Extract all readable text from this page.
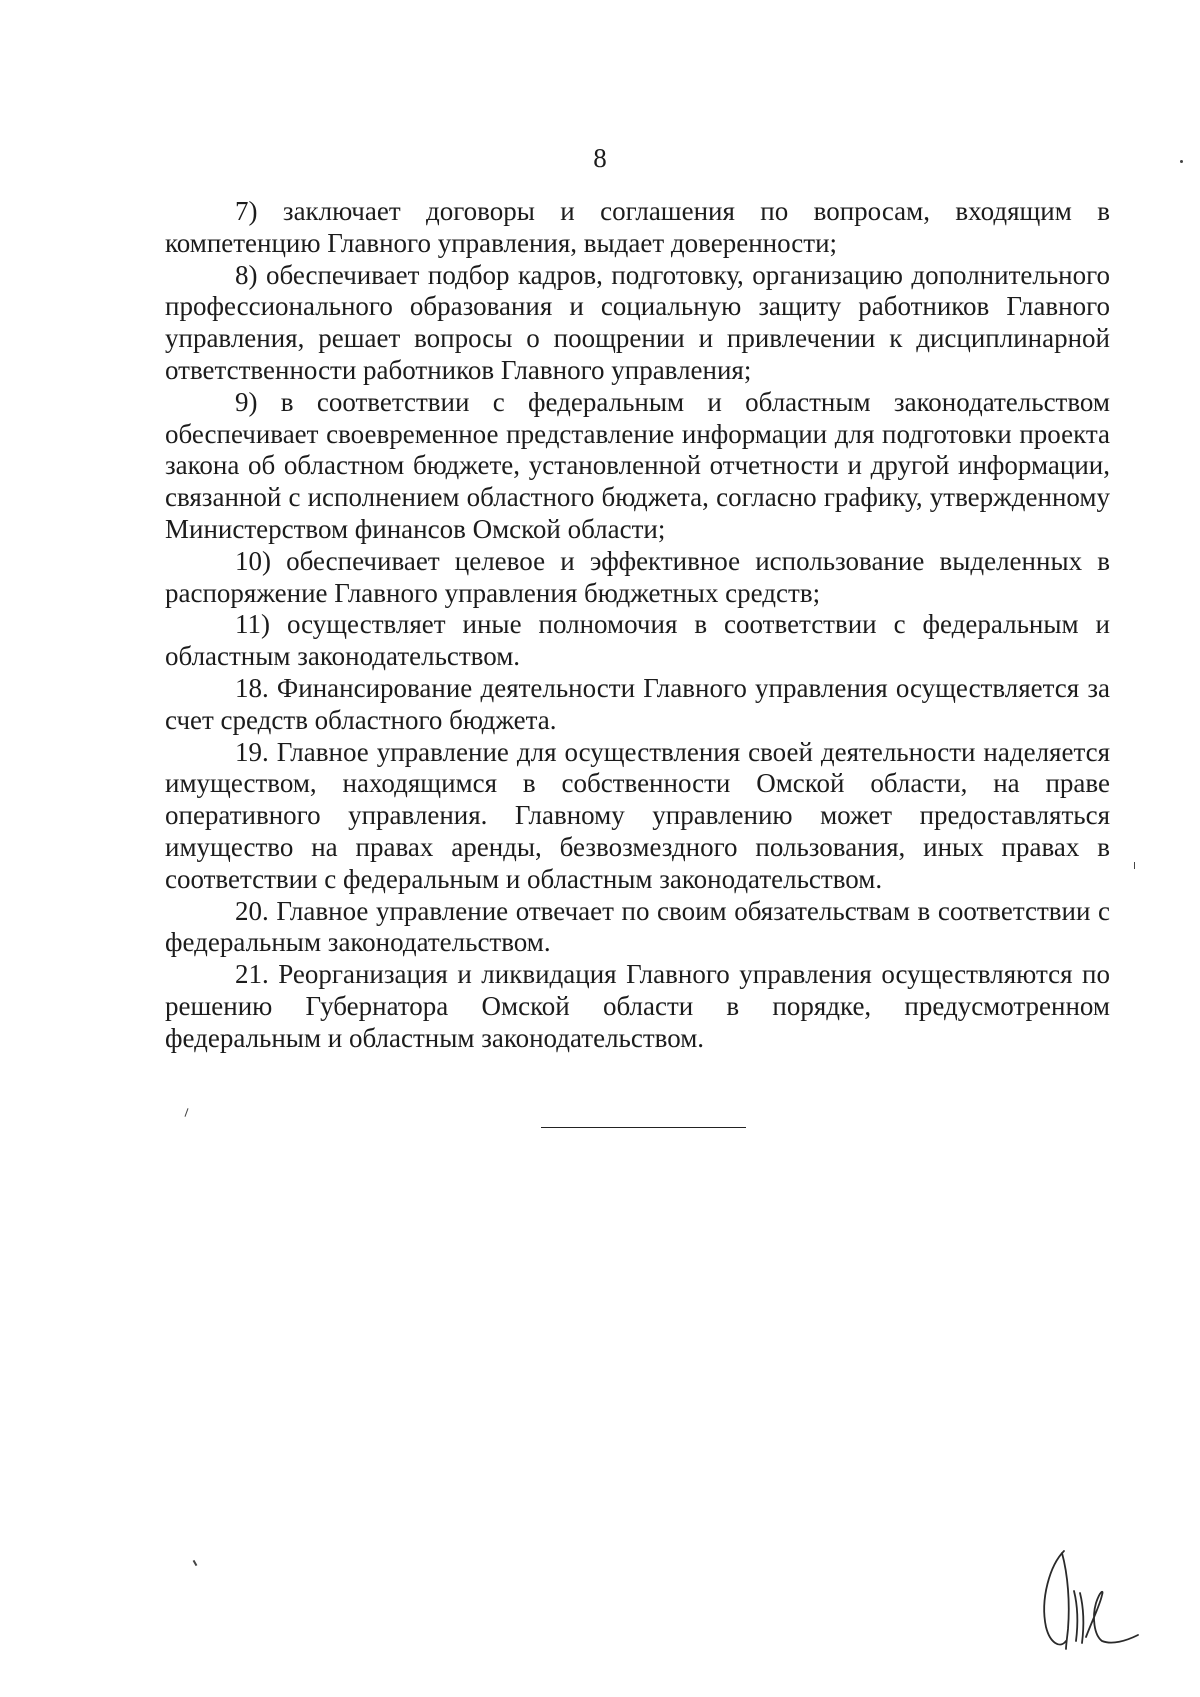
8

7) заключает договоры и соглашения по вопросам, входящим в компетенцию Главного управления, выдает доверенности;

8) обеспечивает подбор кадров, подготовку, организацию дополнительного профессионального образования и социальную защиту работников Главного управления, решает вопросы о поощрении и привлечении к дисциплинарной ответственности работников Главного управления;

9) в соответствии с федеральным и областным законодательством обеспечивает своевременное представление информации для подготовки проекта закона об областном бюджете, установленной отчетности и другой информации, связанной с исполнением областного бюджета, согласно графику, утвержденному Министерством финансов Омской области;

10) обеспечивает целевое и эффективное использование выделенных в распоряжение Главного управления бюджетных средств;

11) осуществляет иные полномочия в соответствии с федеральным и областным законодательством.

18. Финансирование деятельности Главного управления осуществляется за счет средств областного бюджета.

19. Главное управление для осуществления своей деятельности наделяется имуществом, находящимся в собственности Омской области, на праве оперативного управления. Главному управлению может предоставляться имущество на правах аренды, безвозмездного пользования, иных правах в соответствии с федеральным и областным законодательством.

20. Главное управление отвечает по своим обязательствам в соответствии с федеральным законодательством.

21. Реорганизация и ликвидация Главного управления осуществляются по решению Губернатора Омской области в порядке, предусмотренном федеральным и областным законодательством.
